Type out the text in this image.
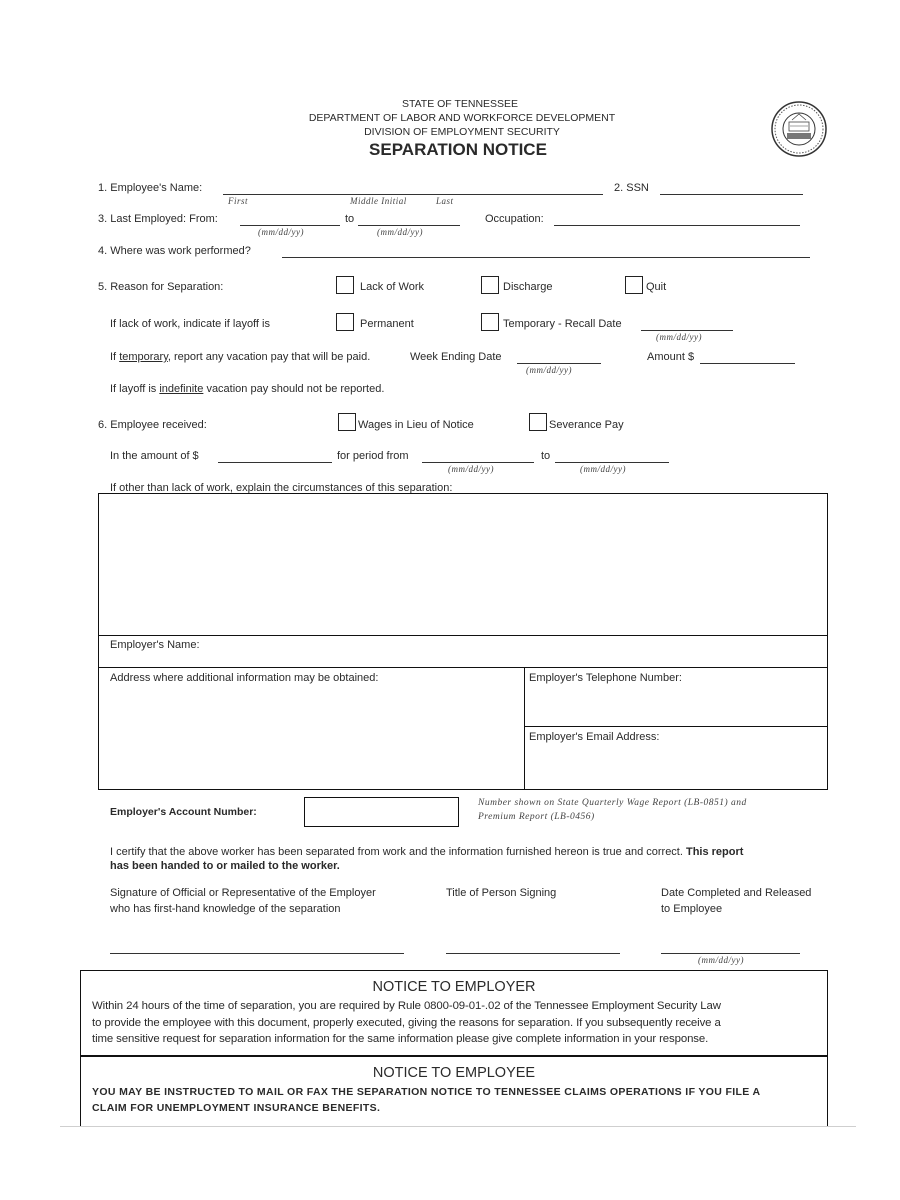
STATE OF TENNESSEE
DEPARTMENT OF LABOR AND WORKFORCE DEVELOPMENT
DIVISION OF EMPLOYMENT SECURITY
SEPARATION NOTICE
1. Employee's Name:
First	Middle Initial	Last
2. SSN
3. Last Employed: From:
(mm/dd/yy)
to
(mm/dd/yy)
Occupation:
4. Where was work performed?
5. Reason for Separation:	Lack of Work	Discharge	Quit
If lack of work, indicate if layoff is	Permanent	Temporary - Recall Date
(mm/dd/yy)
If temporary, report any vacation pay that will be paid.	Week Ending Date
(mm/dd/yy)
Amount $
If layoff is indefinite vacation pay should not be reported.
6. Employee received:	Wages in Lieu of Notice	Severance Pay
In the amount of $	for period from
(mm/dd/yy)
to
(mm/dd/yy)
If other than lack of work, explain the circumstances of this separation:
Employer's Name:
Address where additional information may be obtained:	Employer's Telephone Number:
Employer's Email Address:
Employer's Account Number:
Number shown on State Quarterly Wage Report (LB-0851) and
Premium Report (LB-0456)
I certify that the above worker has been separated from work and the information furnished hereon is true and correct. This report
has been handed to or mailed to the worker.
Signature of Official or Representative of the Employer
who has first-hand knowledge of the separation
Title of Person Signing	Date Completed and Released
to Employee
(mm/dd/yy)
NOTICE TO EMPLOYER
Within 24 hours of the time of separation, you are required by Rule 0800-09-01-.02 of the Tennessee Employment Security Law
to provide the employee with this document, properly executed, giving the reasons for separation. If you subsequently receive a
time sensitive request for separation information for the same information please give complete information in your response.
NOTICE TO EMPLOYEE
YOU MAY BE INSTRUCTED TO MAIL OR FAX THE SEPARATION NOTICE TO TENNESSEE CLAIMS OPERATIONS IF YOU FILE A
CLAIM FOR UNEMPLOYMENT INSURANCE BENEFITS.
